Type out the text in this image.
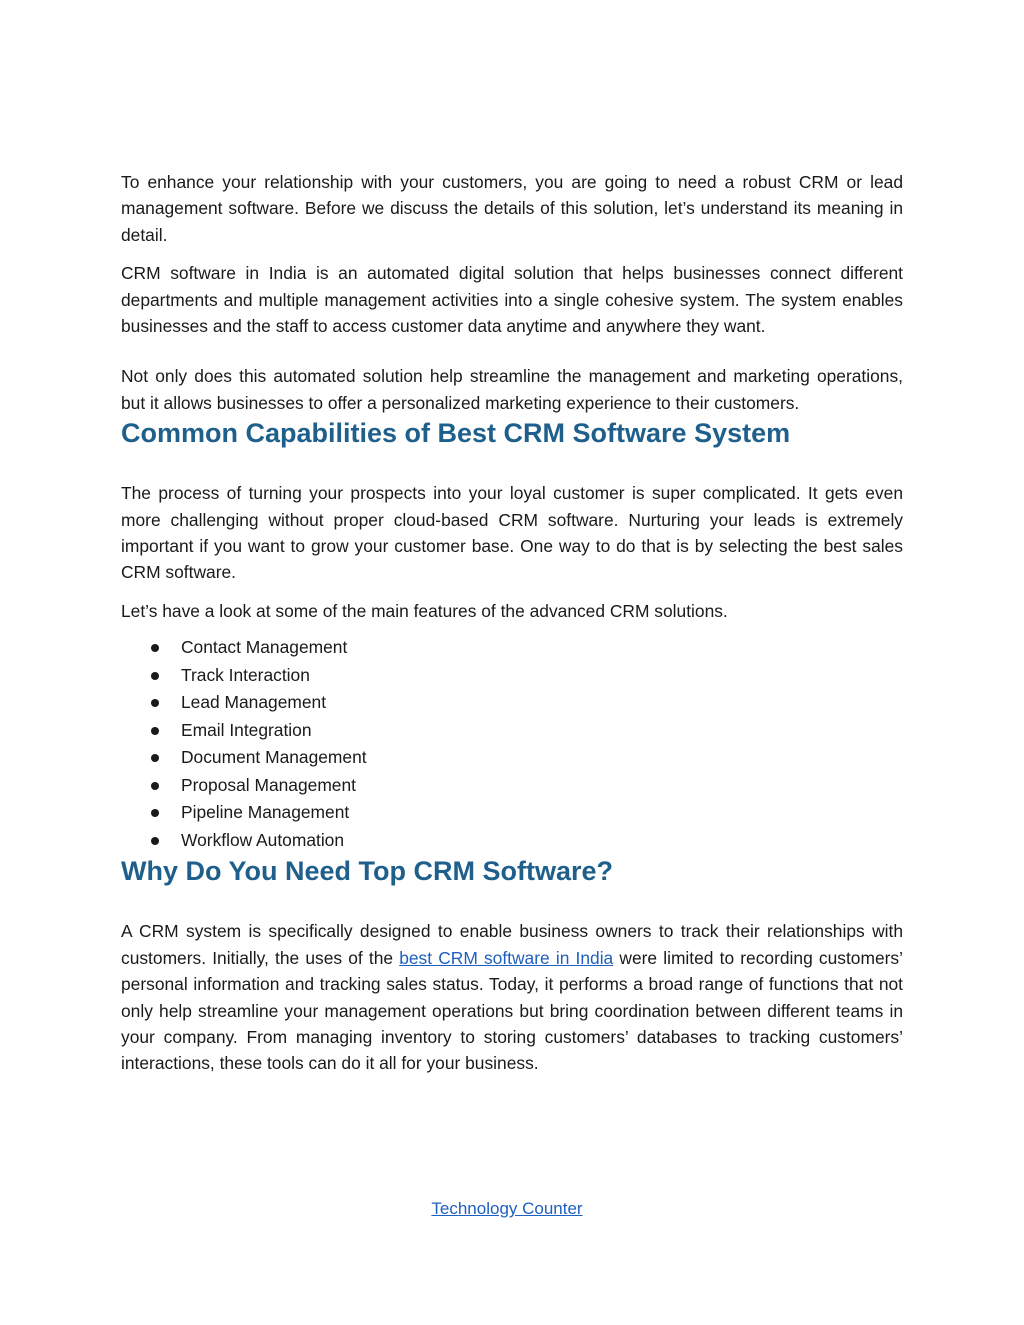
To enhance your relationship with your customers, you are going to need a robust CRM or lead management software. Before we discuss the details of this solution, let’s understand its meaning in detail.

CRM software in India is an automated digital solution that helps businesses connect different departments and multiple management activities into a single cohesive system. The system enables businesses and the staff to access customer data anytime and anywhere they want.

Not only does this automated solution help streamline the management and marketing operations, but it allows businesses to offer a personalized marketing experience to their customers.

Common Capabilities of Best CRM Software System

The process of turning your prospects into your loyal customer is super complicated. It gets even more challenging without proper cloud-based CRM software. Nurturing your leads is extremely important if you want to grow your customer base. One way to do that is by selecting the best sales CRM software.

Let’s have a look at some of the main features of the advanced CRM solutions.

Contact Management
Track Interaction
Lead Management
Email Integration
Document Management
Proposal Management
Pipeline Management
Workflow Automation
Why Do You Need Top CRM Software?

A CRM system is specifically designed to enable business owners to track their relationships with customers. Initially, the uses of the best CRM software in India were limited to recording customers’ personal information and tracking sales status. Today, it performs a broad range of functions that not only help streamline your management operations but bring coordination between different teams in your company. From managing inventory to storing customers’ databases to tracking customers’ interactions, these tools can do it all for your business.

Technology Counter
